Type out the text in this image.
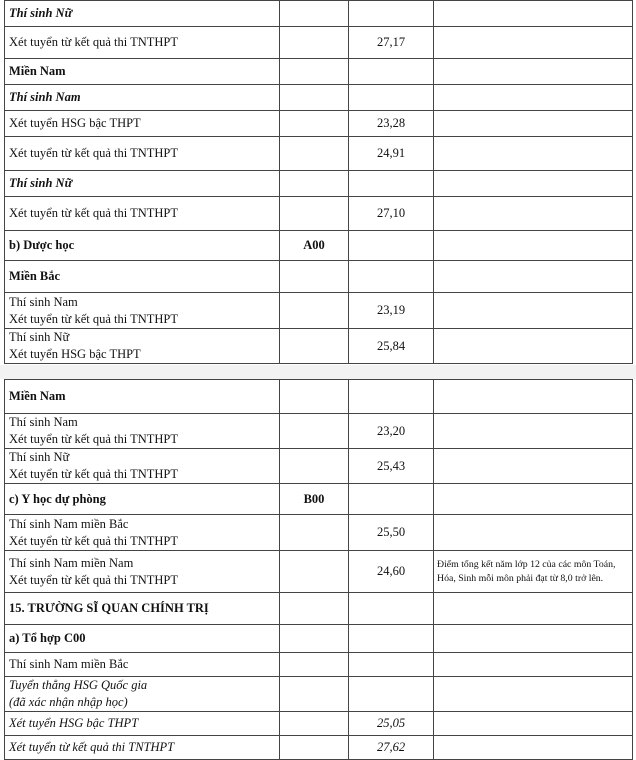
Thí sinh Nữ			
Xét tuyển từ kết quả thi TNTHPT		27,17	
Miền Nam			
Thí sinh Nam			
Xét tuyển HSG bậc THPT		23,28	
Xét tuyển từ kết quả thi TNTHPT		24,91	
Thí sinh Nữ			
Xét tuyển từ kết quả thi TNTHPT		27,10	
b) Dược học	A00		
Miền Bắc			

Thí sinh Nam
Xét tuyển từ kết quả thi TNTHPT		23,19	

Thí sinh Nữ
Xét tuyển HSG bậc THPT		25,84	
Miền Nam			

Thí sinh Nam
Xét tuyển từ kết quả thi TNTHPT		23,20	

Thí sinh Nữ
Xét tuyển từ kết quả thi TNTHPT		25,43	
c) Y học dự phòng	B00		

Thí sinh Nam miền Bắc
Xét tuyển từ kết quả thi TNTHPT		25,50	

Thí sinh Nam miền Nam
Xét tuyển từ kết quả thi TNTHPT		24,60	Điểm tổng kết năm lớp 12 của các môn Toán, Hóa, Sinh mỗi môn phải đạt từ 8,0 trở lên.
15. TRƯỜNG SĨ QUAN CHÍNH TRỊ			
a) Tổ hợp C00			
Thí sinh Nam miền Bắc			

Tuyển thẳng HSG Quốc gia
(đã xác nhận nhập học)			

Xét tuyển HSG bậc THPT		25,05	
Xét tuyển từ kết quả thi TNTHPT		27,62	
